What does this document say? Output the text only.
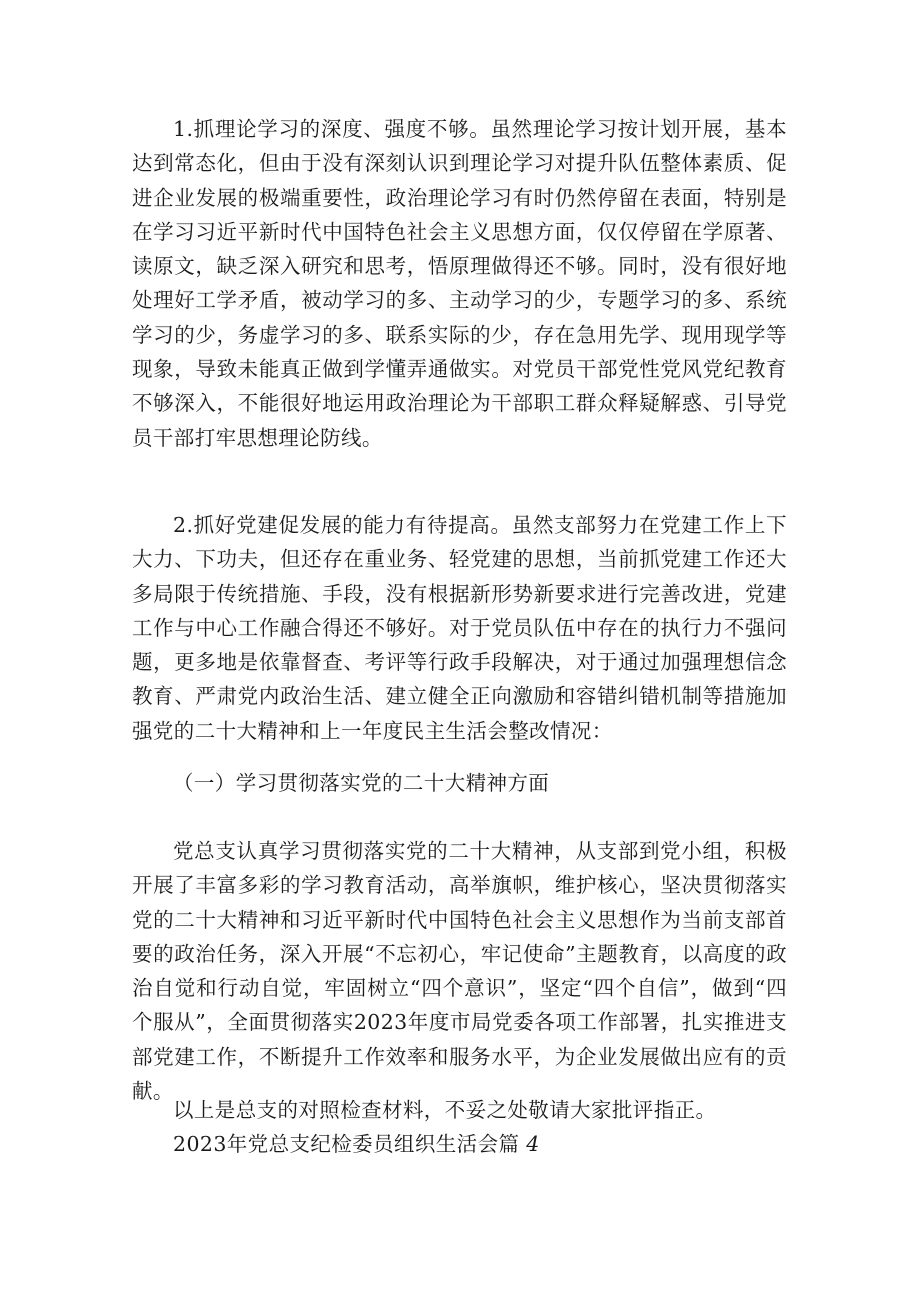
1.抓理论学习的深度、强度不够。虽然理论学习按计划开展，基本达到常态化，但由于没有深刻认识到理论学习对提升队伍整体素质、促进企业发展的极端重要性，政治理论学习有时仍然停留在表面，特别是在学习习近平新时代中国特色社会主义思想方面，仅仅停留在学原著、读原文，缺乏深入研究和思考，悟原理做得还不够。同时，没有很好地处理好工学矛盾，被动学习的多、主动学习的少，专题学习的多、系统学习的少，务虚学习的多、联系实际的少，存在急用先学、现用现学等现象，导致未能真正做到学懂弄通做实。对党员干部党性党风党纪教育不够深入，不能很好地运用政治理论为干部职工群众释疑解惑、引导党员干部打牢思想理论防线。

2.抓好党建促发展的能力有待提高。虽然支部努力在党建工作上下大力、下功夫，但还存在重业务、轻党建的思想，当前抓党建工作还大多局限于传统措施、手段，没有根据新形势新要求进行完善改进，党建工作与中心工作融合得还不够好。对于党员队伍中存在的执行力不强问题，更多地是依靠督查、考评等行政手段解决，对于通过加强理想信念教育、严肃党内政治生活、建立健全正向激励和容错纠错机制等措施加强党的二十大精神和上一年度民主生活会整改情况：

（一）学习贯彻落实党的二十大精神方面

党总支认真学习贯彻落实党的二十大精神，从支部到党小组，积极开展了丰富多彩的学习教育活动，高举旗帜，维护核心，坚决贯彻落实党的二十大精神和习近平新时代中国特色社会主义思想作为当前支部首要的政治任务，深入开展“不忘初心，牢记使命”主题教育，以高度的政治自觉和行动自觉，牢固树立“四个意识”，坚定“四个自信”，做到“四个服从”，全面贯彻落实2023年度市局党委各项工作部署，扎实推进支部党建工作，不断提升工作效率和服务水平，为企业发展做出应有的贡献。

以上是总支的对照检查材料，不妥之处敬请大家批评指正。

2023年党总支纪检委员组织生活会篇 4
